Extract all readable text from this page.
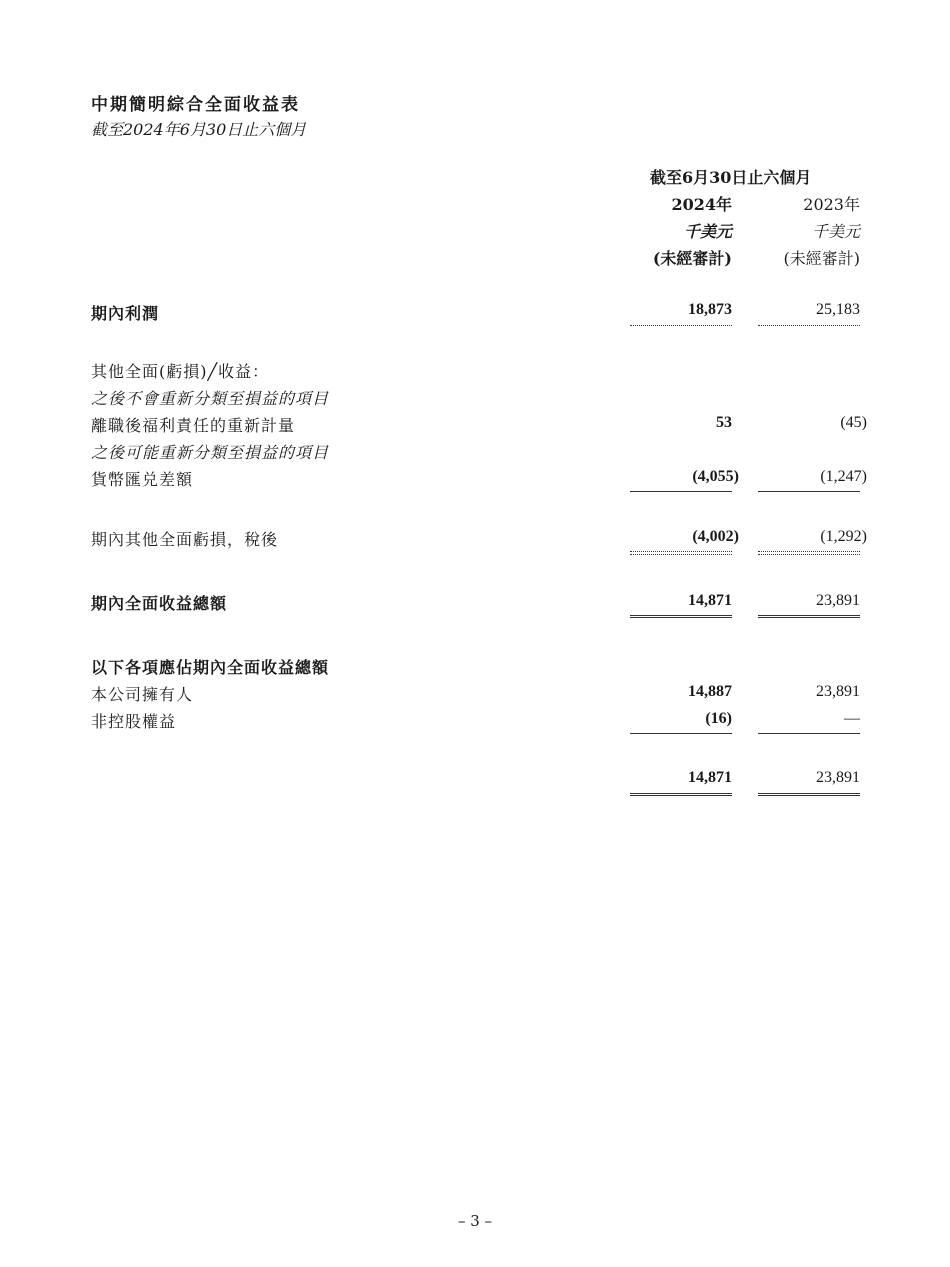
中期簡明綜合全面收益表
截至2024年6月30日止六個月
截至6月30日止六個月
2024年	2023年
千美元	千美元
(未經審計)	(未經審計)
期內利潤	18,873	25,183
其他全面(虧損)╱收益：
之後不會重新分類至損益的項目
離職後福利責任的重新計量	53	(45)
之後可能重新分類至損益的項目
貨幣匯兑差額	(4,055)	(1,247)
期內其他全面虧損，稅後	(4,002)	(1,292)
期內全面收益總額	14,871	23,891
以下各項應佔期內全面收益總額
本公司擁有人	14,887	23,891
非控股權益	(16)	—
14,871	23,891
– 3 –
